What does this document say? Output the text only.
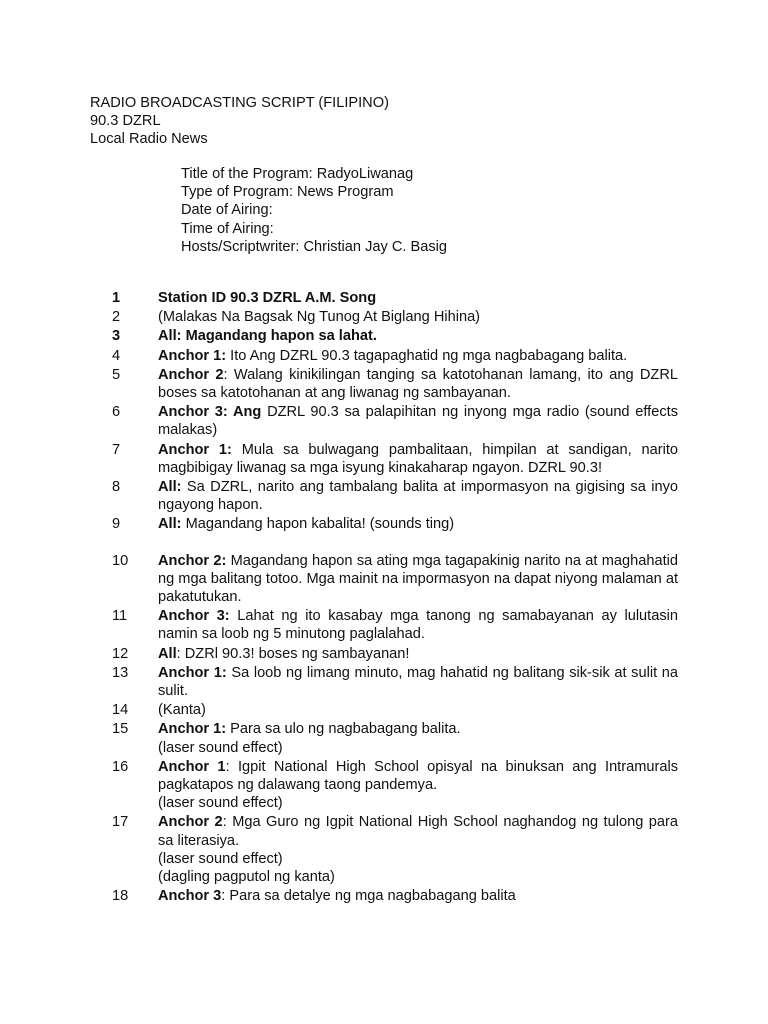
RADIO BROADCASTING SCRIPT (FILIPINO)
90.3 DZRL
Local Radio News
Title of the Program: RadyoLiwanag
Type of Program: News Program
Date of Airing:
Time of Airing:
Hosts/Scriptwriter: Christian Jay C. Basig
1	Station ID 90.3 DZRL A.M. Song
2	(Malakas Na Bagsak Ng Tunog At Biglang Hihina)
3	All: Magandang hapon sa lahat.
4	Anchor 1: Ito Ang DZRL 90.3 tagapaghatid ng mga nagbabagang balita.
5	Anchor 2: Walang kinikilingan tanging sa katotohanan lamang, ito ang DZRL boses sa katotohanan at ang liwanag ng sambayanan.
6	Anchor 3: Ang DZRL 90.3 sa palapihitan ng inyong mga radio (sound effects malakas)
7	Anchor 1: Mula sa bulwagang pambalitaan, himpilan at sandigan, narito magbibigay liwanag sa mga isyung kinakaharap ngayon. DZRL 90.3!
8	All: Sa DZRL, narito ang tambalang balita at impormasyon na gigising sa inyo ngayong hapon.
9	All: Magandang hapon kabalita! (sounds ting)
10	Anchor 2: Magandang hapon sa ating mga tagapakinig narito na at maghahatid ng mga balitang totoo. Mga mainit na impormasyon na dapat niyong malaman at pakatutukan.
11	Anchor 3: Lahat ng ito kasabay mga tanong ng samabayanan ay lulutasin namin sa loob ng 5 minutong paglalahad.
12	All: DZRl 90.3! boses ng sambayanan!
13	Anchor 1: Sa loob ng limang minuto, mag hahatid ng balitang sik-sik at sulit na sulit.
14	(Kanta)
15	Anchor 1: Para sa ulo ng nagbabagang balita.
(laser sound effect)
16	Anchor 1: Igpit National High School opisyal na binuksan ang Intramurals pagkatapos ng dalawang taong pandemya.
(laser sound effect)
17	Anchor 2: Mga Guro ng Igpit National High School naghandog ng tulong para sa literasiya.
(laser sound effect)
(dagling pagputol ng kanta)
18	Anchor 3: Para sa detalye ng mga nagbabagang balita
